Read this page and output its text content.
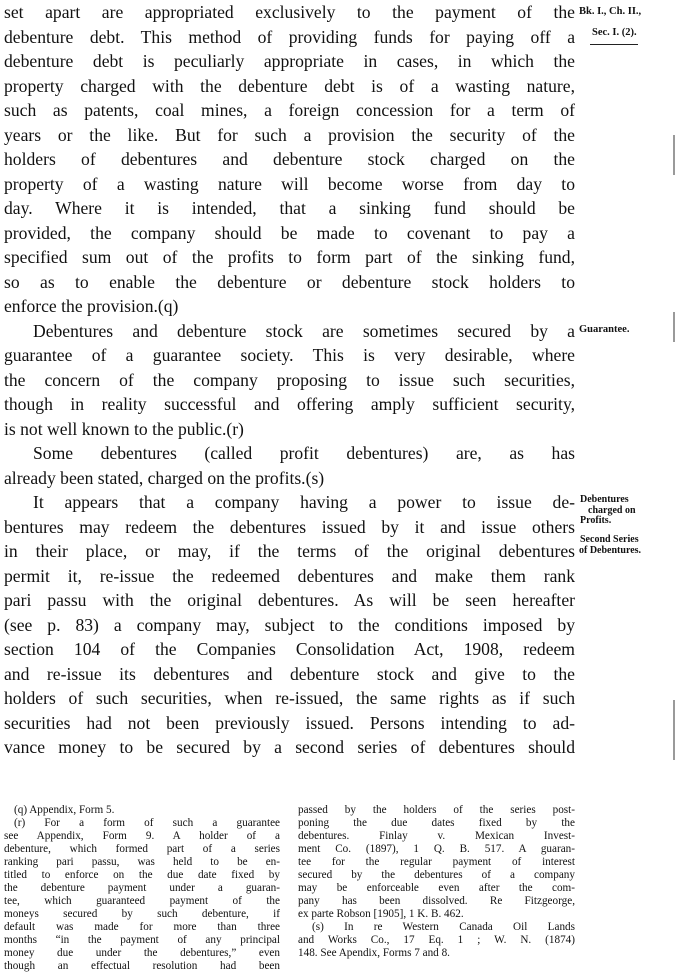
Bk. I., Ch. II.,
Sec. I. (2).
Guarantee.
Debentures
charged on
Profits.
Second Series
of Debentures.
set apart are appropriated exclusively to the payment of the
debenture debt. This method of providing funds for paying off a
debenture debt is peculiarly appropriate in cases, in which the
property charged with the debenture debt is of a wasting nature,
such as patents, coal mines, a foreign concession for a term of
years or the like. But for such a provision the security of the
holders of debentures and debenture stock charged on the
property of a wasting nature will become worse from day to
day. Where it is intended, that a sinking fund should be
provided, the company should be made to covenant to pay a
specified sum out of the profits to form part of the sinking fund,
so as to enable the debenture or debenture stock holders to
enforce the provision.(q)
Debentures and debenture stock are sometimes secured by a
guarantee of a guarantee society. This is very desirable, where
the concern of the company proposing to issue such securities,
though in reality successful and offering amply sufficient security,
is not well known to the public.(r)
Some debentures (called profit debentures) are, as has
already been stated, charged on the profits.(s)
It appears that a company having a power to issue de-
bentures may redeem the debentures issued by it and issue others
in their place, or may, if the terms of the original debentures
permit it, re-issue the redeemed debentures and make them rank
pari passu with the original debentures. As will be seen hereafter
(see p. 83) a company may, subject to the conditions imposed by
section 104 of the Companies Consolidation Act, 1908, redeem
and re-issue its debentures and debenture stock and give to the
holders of such securities, when re-issued, the same rights as if such
securities had not been previously issued. Persons intending to ad-
vance money to be secured by a second series of debentures should
(q) Appendix, Form 5.
(r) For a form of such a guarantee
see Appendix, Form 9. A holder of a
debenture, which formed part of a series
ranking pari passu, was held to be en-
titled to enforce on the due date fixed by
the debenture payment under a guaran-
tee, which guaranteed payment of the
moneys secured by such debenture, if
default was made for more than three
months “in the payment of any principal
money due under the debentures,” even
though an effectual resolution had been
passed by the holders of the series post-
poning the due dates fixed by the
debentures. Finlay v. Mexican Invest-
ment Co. (1897), 1 Q. B. 517. A guaran-
tee for the regular payment of interest
secured by the debentures of a company
may be enforceable even after the com-
pany has been dissolved. Re Fitzgeorge,
ex parte Robson [1905], 1 K. B. 462.
(s) In re Western Canada Oil Lands
and Works Co., 17 Eq. 1 ; W. N. (1874)
148. See Apendix, Forms 7 and 8.
